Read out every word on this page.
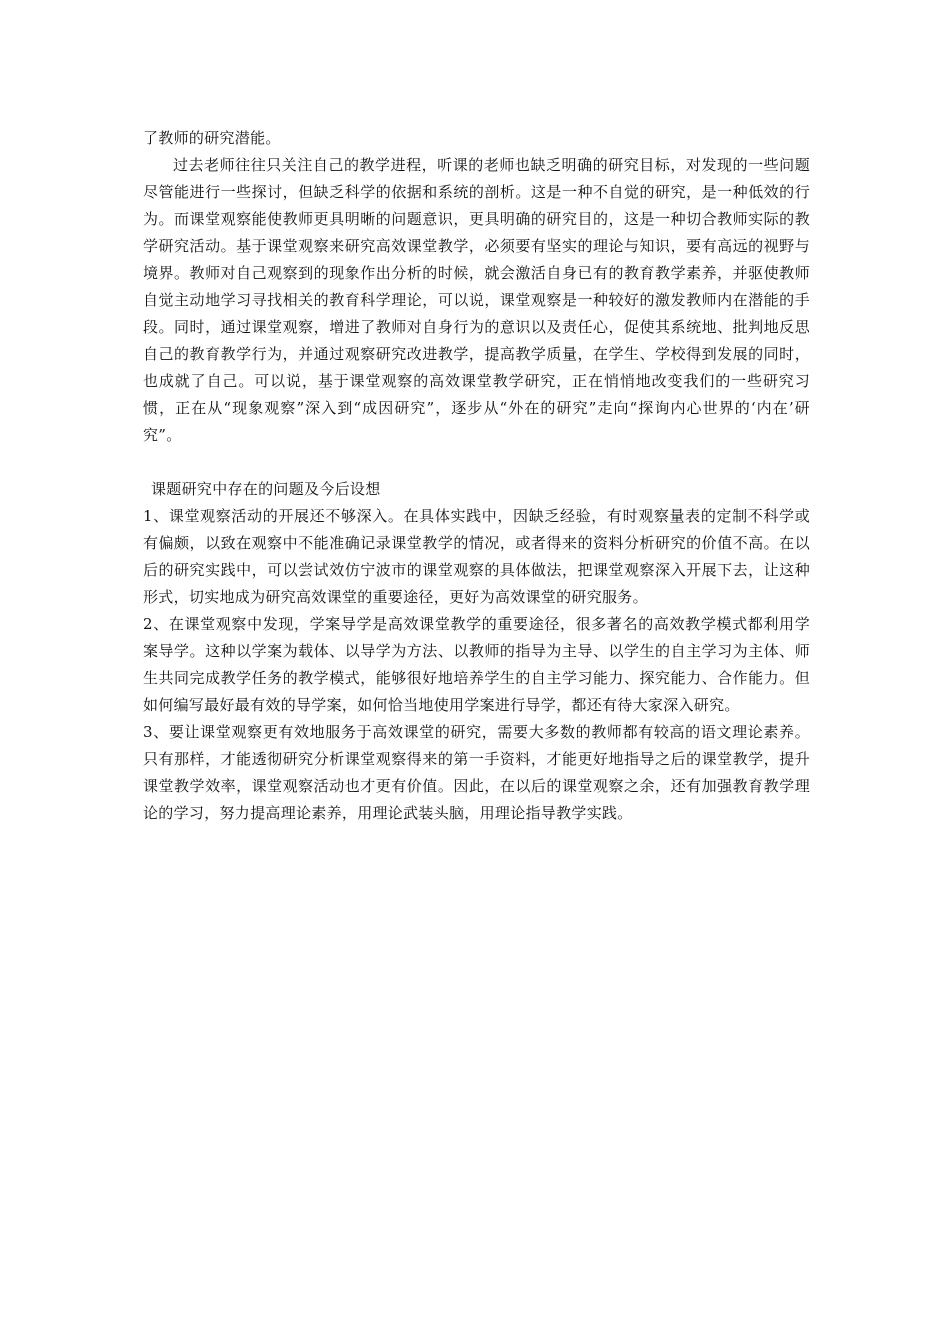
了教师的研究潜能。

过去老师往往只关注自己的教学进程，听课的老师也缺乏明确的研究目标，对发现的一些问题尽管能进行一些探讨，但缺乏科学的依据和系统的剖析。这是一种不自觉的研究，是一种低效的行为。而课堂观察能使教师更具明晰的问题意识，更具明确的研究目的，这是一种切合教师实际的教学研究活动。基于课堂观察来研究高效课堂教学，必须要有坚实的理论与知识，要有高远的视野与境界。教师对自己观察到的现象作出分析的时候，就会激活自身已有的教育教学素养，并驱使教师自觉主动地学习寻找相关的教育科学理论，可以说，课堂观察是一种较好的激发教师内在潜能的手段。同时，通过课堂观察，增进了教师对自身行为的意识以及责任心，促使其系统地、批判地反思自己的教育教学行为，并通过观察研究改进教学，提高教学质量，在学生、学校得到发展的同时，也成就了自己。可以说，基于课堂观察的高效课堂教学研究，正在悄悄地改变我们的一些研究习惯，正在从“现象观察”深入到“成因研究”，逐步从“外在的研究”走向“探询内心世界的‘内在’研究”。

课题研究中存在的问题及今后设想

1、课堂观察活动的开展还不够深入。在具体实践中，因缺乏经验，有时观察量表的定制不科学或有偏颇，以致在观察中不能准确记录课堂教学的情况，或者得来的资料分析研究的价值不高。在以后的研究实践中，可以尝试效仿宁波市的课堂观察的具体做法，把课堂观察深入开展下去，让这种形式，切实地成为研究高效课堂的重要途径，更好为高效课堂的研究服务。

2、在课堂观察中发现，学案导学是高效课堂教学的重要途径，很多著名的高效教学模式都利用学案导学。这种以学案为载体、以导学为方法、以教师的指导为主导、以学生的自主学习为主体、师生共同完成教学任务的教学模式，能够很好地培养学生的自主学习能力、探究能力、合作能力。但如何编写最好最有效的导学案，如何恰当地使用学案进行导学，都还有待大家深入研究。

3、要让课堂观察更有效地服务于高效课堂的研究，需要大多数的教师都有较高的语文理论素养。只有那样，才能透彻研究分析课堂观察得来的第一手资料，才能更好地指导之后的课堂教学，提升课堂教学效率，课堂观察活动也才更有价值。因此，在以后的课堂观察之余，还有加强教育教学理论的学习，努力提高理论素养，用理论武装头脑，用理论指导教学实践。
